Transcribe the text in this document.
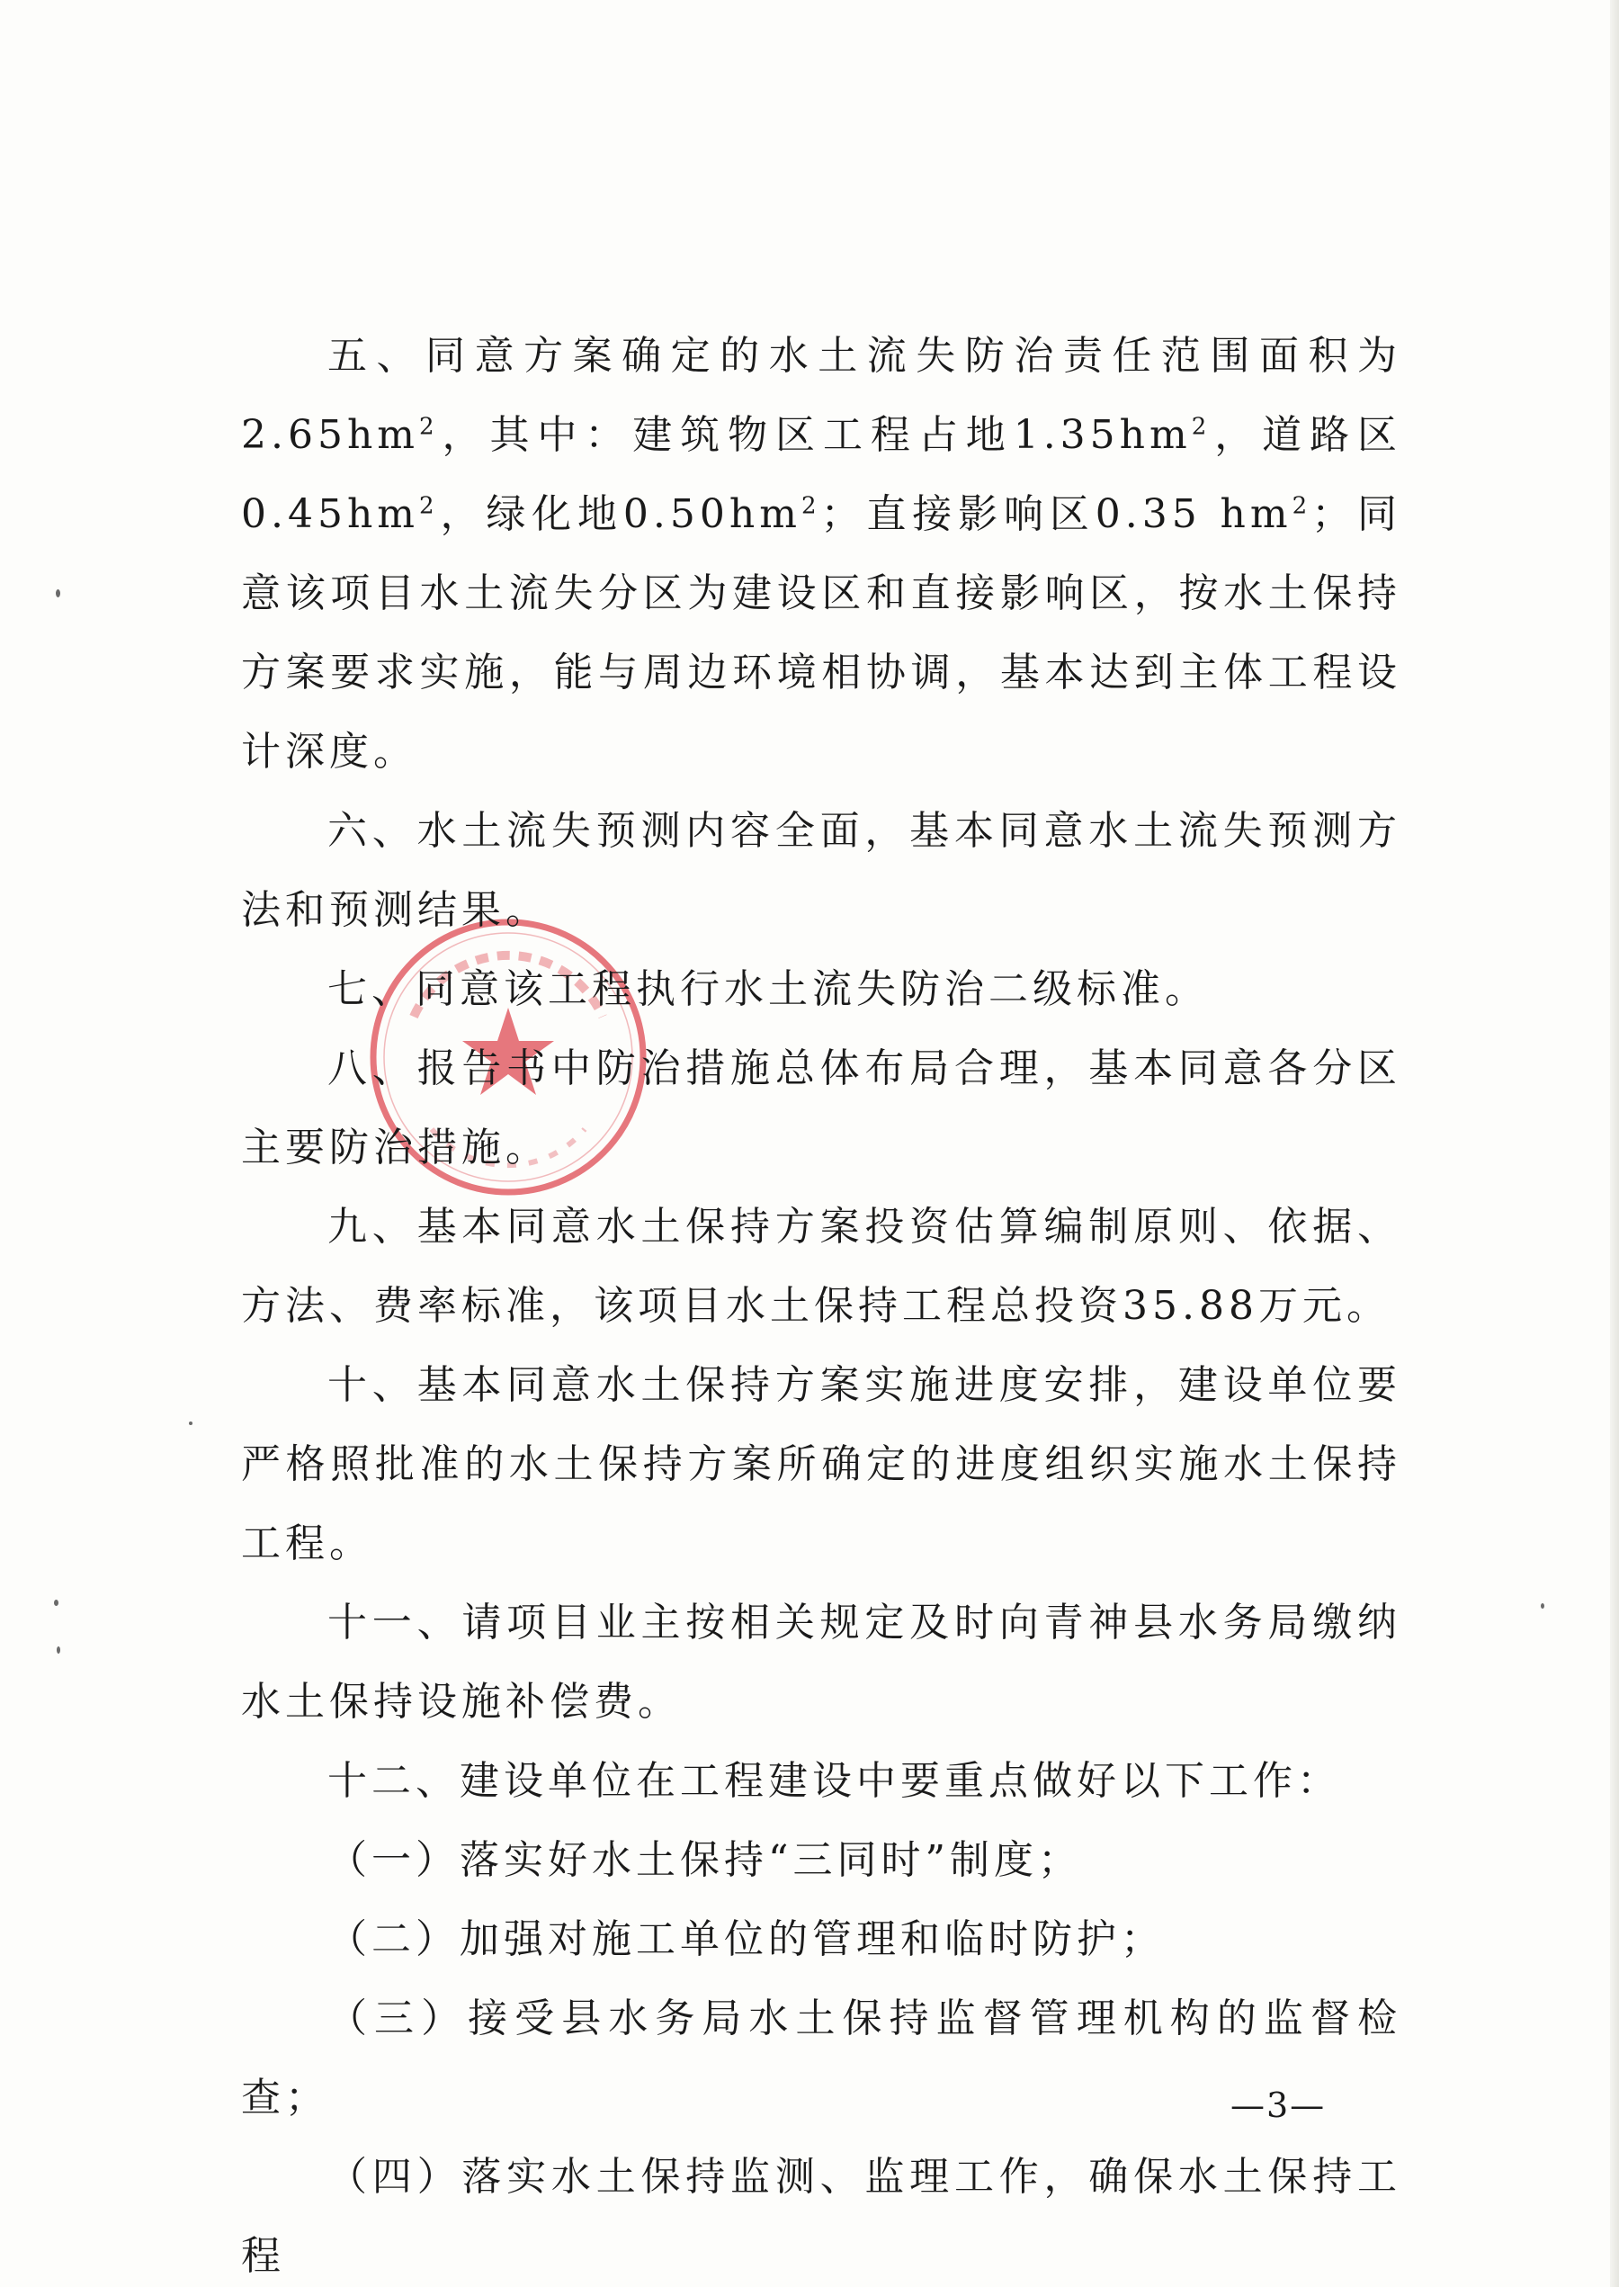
五、同意方案确定的水土流失防治责任范围面积为$2.65hm^2$，其中：建筑物区工程占地$1.35hm^2$，道路区$0.45hm^2$，绿化地$0.50hm^2$；直接影响区0.35 $hm^2$；同意该项目水土流失分区为建设区和直接影响区，按水土保持方案要求实施，能与周边环境相协调，基本达到主体工程设计深度。

六、水土流失预测内容全面，基本同意水土流失预测方法和预测结果。

七、同意该工程执行水土流失防治二级标准。

八、报告书中防治措施总体布局合理，基本同意各分区主要防治措施。

九、基本同意水土保持方案投资估算编制原则、依据、方法、费率标准，该项目水土保持工程总投资35.88万元。

十、基本同意水土保持方案实施进度安排，建设单位要严格照批准的水土保持方案所确定的进度组织实施水土保持工程。

十一、请项目业主按相关规定及时向青神县水务局缴纳水土保持设施补偿费。

十二、建设单位在工程建设中要重点做好以下工作：

（一）落实好水土保持“三同时”制度；

（二）加强对施工单位的管理和临时防护；

（三）接受县水务局水土保持监督管理机构的监督检查；

（四）落实水土保持监测、监理工作，确保水土保持工程

—3—
